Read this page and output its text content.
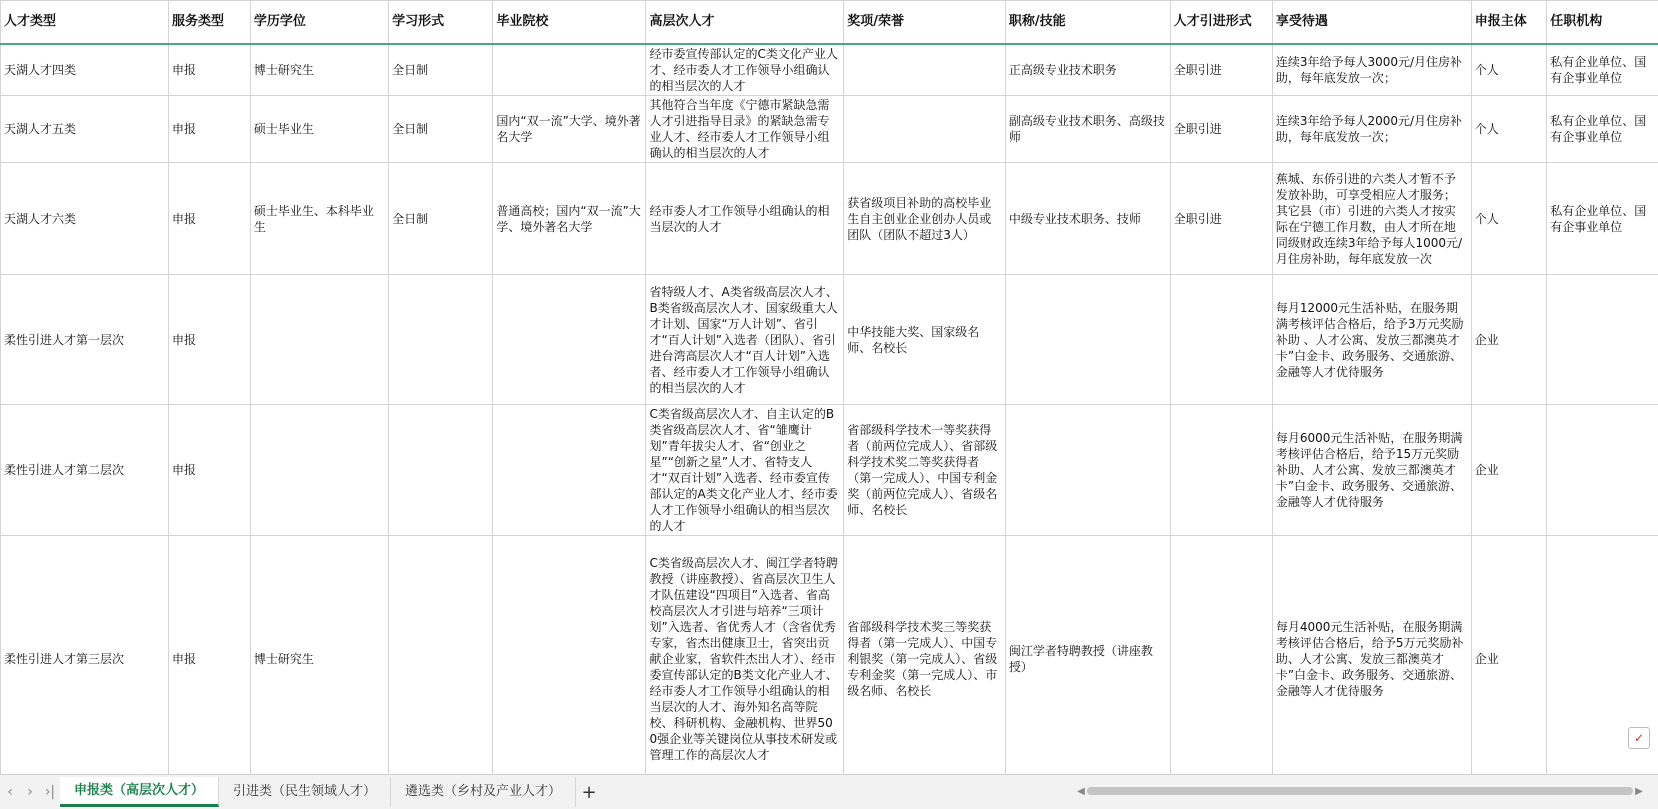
人才类型	服务类型	学历学位	学习形式	毕业院校	高层次人才	奖项/荣誉	职称/技能	人才引进形式	享受待遇	申报主体	任职机构
天湖人才四类	申报	博士研究生	全日制		经市委宣传部认定的C类文化产业人才、经市委人才工作领导小组确认的相当层次的人才		正高级专业技术职务	全职引进	连续3年给予每人3000元/月住房补助，每年底发放一次；	个人	私有企业单位、国有企事业单位
天湖人才五类	申报	硕士毕业生	全日制	国内“双一流”大学、境外著名大学	其他符合当年度《宁德市紧缺急需人才引进指导目录》的紧缺急需专业人才、经市委人才工作领导小组确认的相当层次的人才		副高级专业技术职务、高级技师	全职引进	连续3年给予每人2000元/月住房补助，每年底发放一次；	个人	私有企业单位、国有企事业单位
天湖人才六类	申报	硕士毕业生、本科毕业生	全日制	普通高校；国内“双一流”大学、境外著名大学	经市委人才工作领导小组确认的相当层次的人才	获省级项目补助的高校毕业生自主创业企业创办人员或团队（团队不超过3人）	中级专业技术职务、技师	全职引进	蕉城、东侨引进的六类人才暂不予发放补助，可享受相应人才服务；其它县（市）引进的六类人才按实际在宁德工作月数，由人才所在地同级财政连续3年给予每人1000元/月住房补助，每年底发放一次	个人	私有企业单位、国有企事业单位
柔性引进人才第一层次	申报				省特级人才、A类省级高层次人才、B类省级高层次人才、国家级重大人才计划、国家“万人计划”、省引才“百人计划”入选者（团队）、省引进台湾高层次人才“百人计划”入选者、经市委人才工作领导小组确认的相当层次的人才	中华技能大奖、国家级名师、名校长			每月12000元生活补贴，在服务期满考核评估合格后，给予3万元奖励补助 、人才公寓、发放三都澳英才卡”白金卡、政务服务、交通旅游、金融等人才优待服务	企业	
柔性引进人才第二层次	申报				C类省级高层次人才、自主认定的B类省级高层次人才、省“雏鹰计划”青年拔尖人才、省“创业之星”“创新之星”人才、省特支人才“双百计划”入选者、经市委宣传部认定的A类文化产业人才、经市委人才工作领导小组确认的相当层次的人才	省部级科学技术一等奖获得者（前两位完成人）、省部级科学技术奖二等奖获得者（第一完成人）、中国专利金奖（前两位完成人）、省级名师、名校长			每月6000元生活补贴，在服务期满考核评估合格后，给予15万元奖励补助、人才公寓、发放三都澳英才卡”白金卡、政务服务、交通旅游、金融等人才优待服务	企业	
柔性引进人才第三层次	申报	博士研究生			C类省级高层次人才、闽江学者特聘教授（讲座教授）、省高层次卫生人才队伍建设“四项目”入选者、省高校高层次人才引进与培养“三项计划”入选者、省优秀人才（含省优秀专家，省杰出健康卫士，省突出贡献企业家，省软件杰出人才）、经市委宣传部认定的B类文化产业人才、经市委人才工作领导小组确认的相当层次的人才、海外知名高等院校、科研机构、金融机构、世界500强企业等关键岗位从事技术研发或管理工作的高层次人才	省部级科学技术奖三等奖获得者（第一完成人）、中国专利银奖（第一完成人）、省级专利金奖（第一完成人）、市级名师、名校长	闽江学者特聘教授（讲座教授）		每月4000元生活补贴，在服务期满考核评估合格后，给予5万元奖励补助、人才公寓、发放三都澳英才卡”白金卡、政务服务、交通旅游、金融等人才优待服务	企业	
✓
‹	› ›|	申报类（高层次人才）	引进类（民生领域人才）	遴选类（乡村及产业人才）	+	◀	▶
